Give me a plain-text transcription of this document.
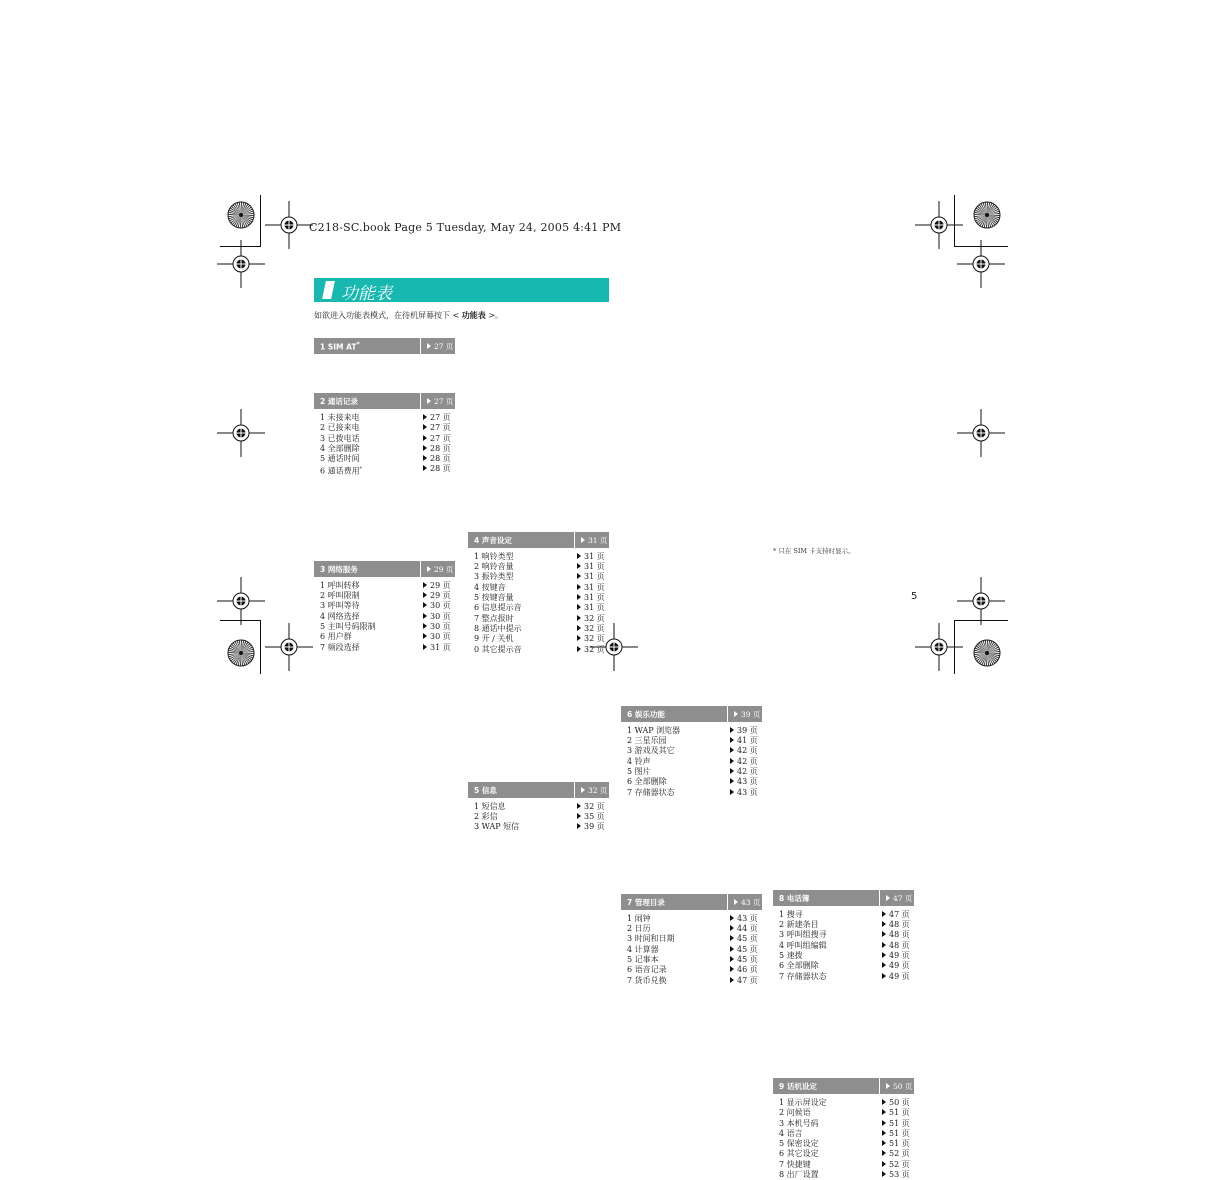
C218-SC.book Page 5 Tuesday, May 24, 2005 4:41 PM
功能表
如欲进入功能表模式，在待机屏幕按下 < 功能表 >。
1 SIM AT*	27 页
2 通话记录	27 页
1 未接来电	27 页
2 已接来电	27 页
3 已拨电话	27 页
4 全部删除	28 页
5 通话时间	28 页
6 通话费用*	28 页
3 网络服务	29 页
1 呼叫转移	29 页
2 呼叫限制	29 页
3 呼叫等待	30 页
4 网络选择	30 页
5 主叫号码限制	30 页
6 用户群	30 页
7 频段选择	31 页
4 声音设定	31 页
1 响铃类型	31 页
2 响铃音量	31 页
3 振铃类型	31 页
4 按键音	31 页
5 按键音量	31 页
6 信息提示音	31 页
7 整点报时	32 页
8 通话中提示	32 页
9 开 / 关机	32 页
0 其它提示音	32 页
5 信息	32 页
1 短信息	32 页
2 彩信	35 页
3 WAP 短信	39 页
6 娱乐功能	39 页
1 WAP 浏览器	39 页
2 三星乐园	41 页
3 游戏及其它	42 页
4 铃声	42 页
5 图片	42 页
6 全部删除	43 页
7 存储器状态	43 页
7 管理目录	43 页
1 闹钟	43 页
2 日历	44 页
3 时间和日期	45 页
4 计算器	45 页
5 记事本	45 页
6 语音记录	46 页
7 货币兑换	47 页
8 电话簿	47 页
1 搜寻	47 页
2 新建条目	48 页
3 呼叫组搜寻	48 页
4 呼叫组编辑	48 页
5 速拨	49 页
6 全部删除	49 页
7 存储器状态	49 页
9 话机设定	50 页
1 显示屏设定	50 页
2 问候语	51 页
3 本机号码	51 页
4 语言	51 页
5 保密设定	51 页
6 其它设定	52 页
7 快捷键	52 页
8 出厂设置	53 页
* 只在 SIM 卡支持时显示。
5
